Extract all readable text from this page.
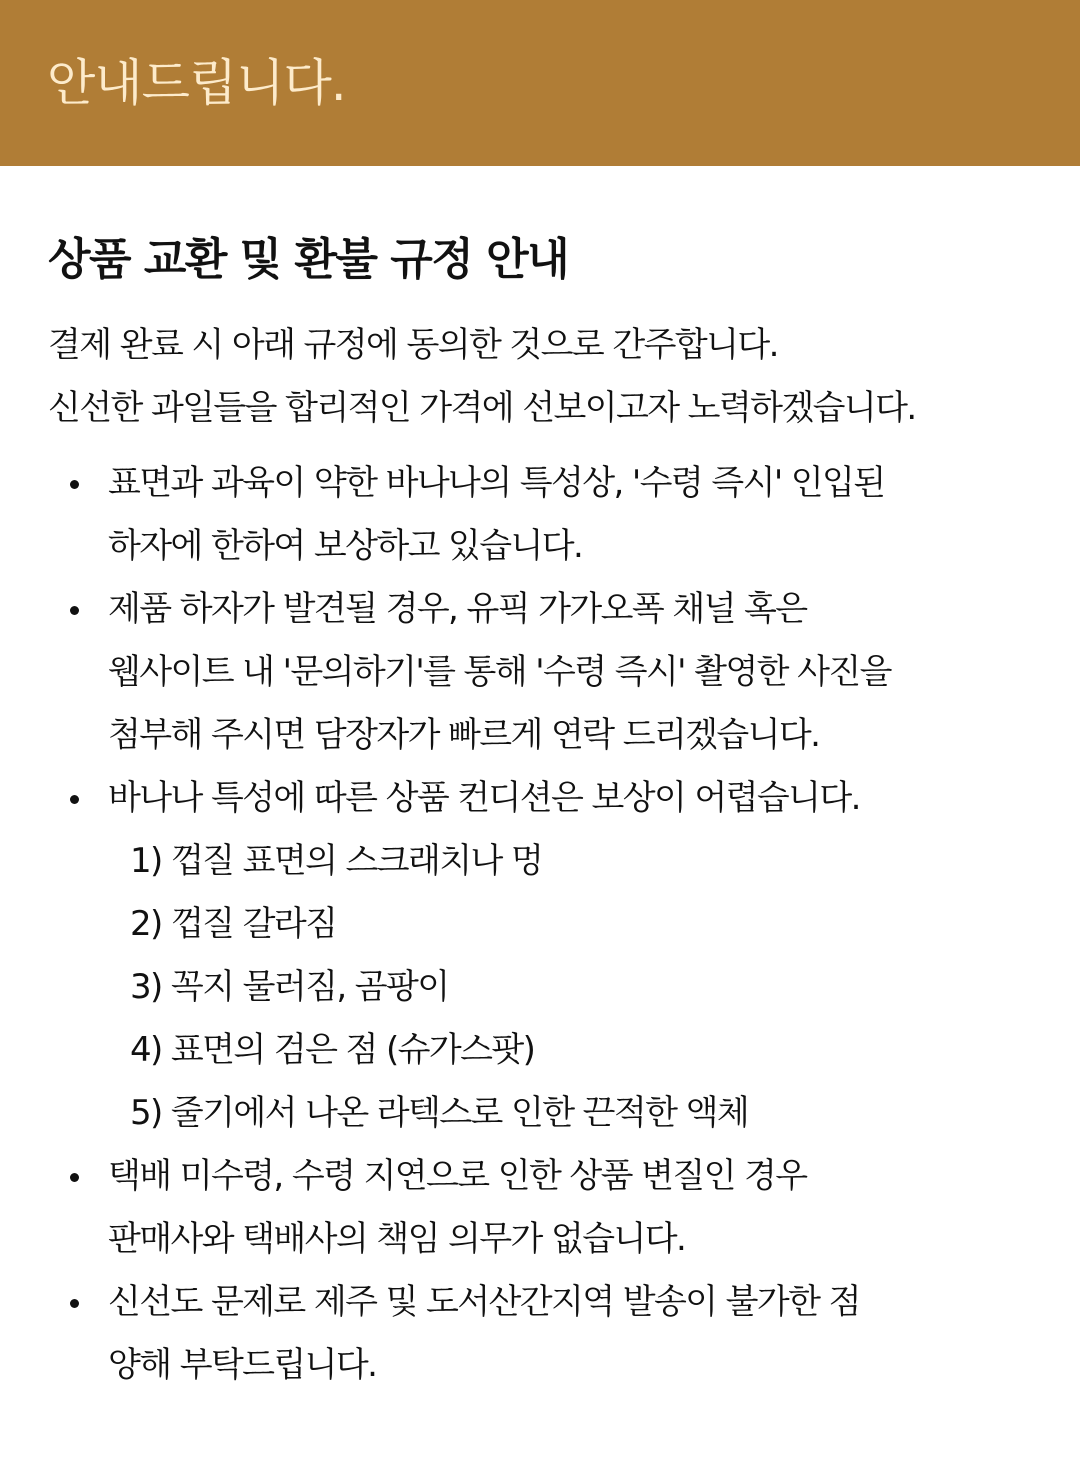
안내드립니다.
상품 교환 및 환불 규정 안내

결제 완료 시 아래 규정에 동의한 것으로 간주합니다.

신선한 과일들을 합리적인 가격에 선보이고자 노력하겠습니다.

표면과 과육이 약한 바나나의 특성상, '수령 즉시' 인입된
하자에 한하여 보상하고 있습니다.
제품 하자가 발견될 경우, 유픽 가가오폭 채널 혹은
웹사이트 내 '문의하기'를 통해 '수령 즉시' 촬영한 사진을
첨부해 주시면 담장자가 빠르게 연락 드리겠습니다.
바나나 특성에 따른 상품 컨디션은 보상이 어렵습니다.
1) 껍질 표면의 스크래치나 멍
2) 껍질 갈라짐
3) 꼭지 물러짐, 곰팡이
4) 표면의 검은 점 (슈가스팟)
5) 줄기에서 나온 라텍스로 인한 끈적한 액체
택배 미수령, 수령 지연으로 인한 상품 변질인 경우
판매사와 택배사의 책임 의무가 없습니다.
신선도 문제로 제주 및 도서산간지역 발송이 불가한 점
양해 부탁드립니다.
